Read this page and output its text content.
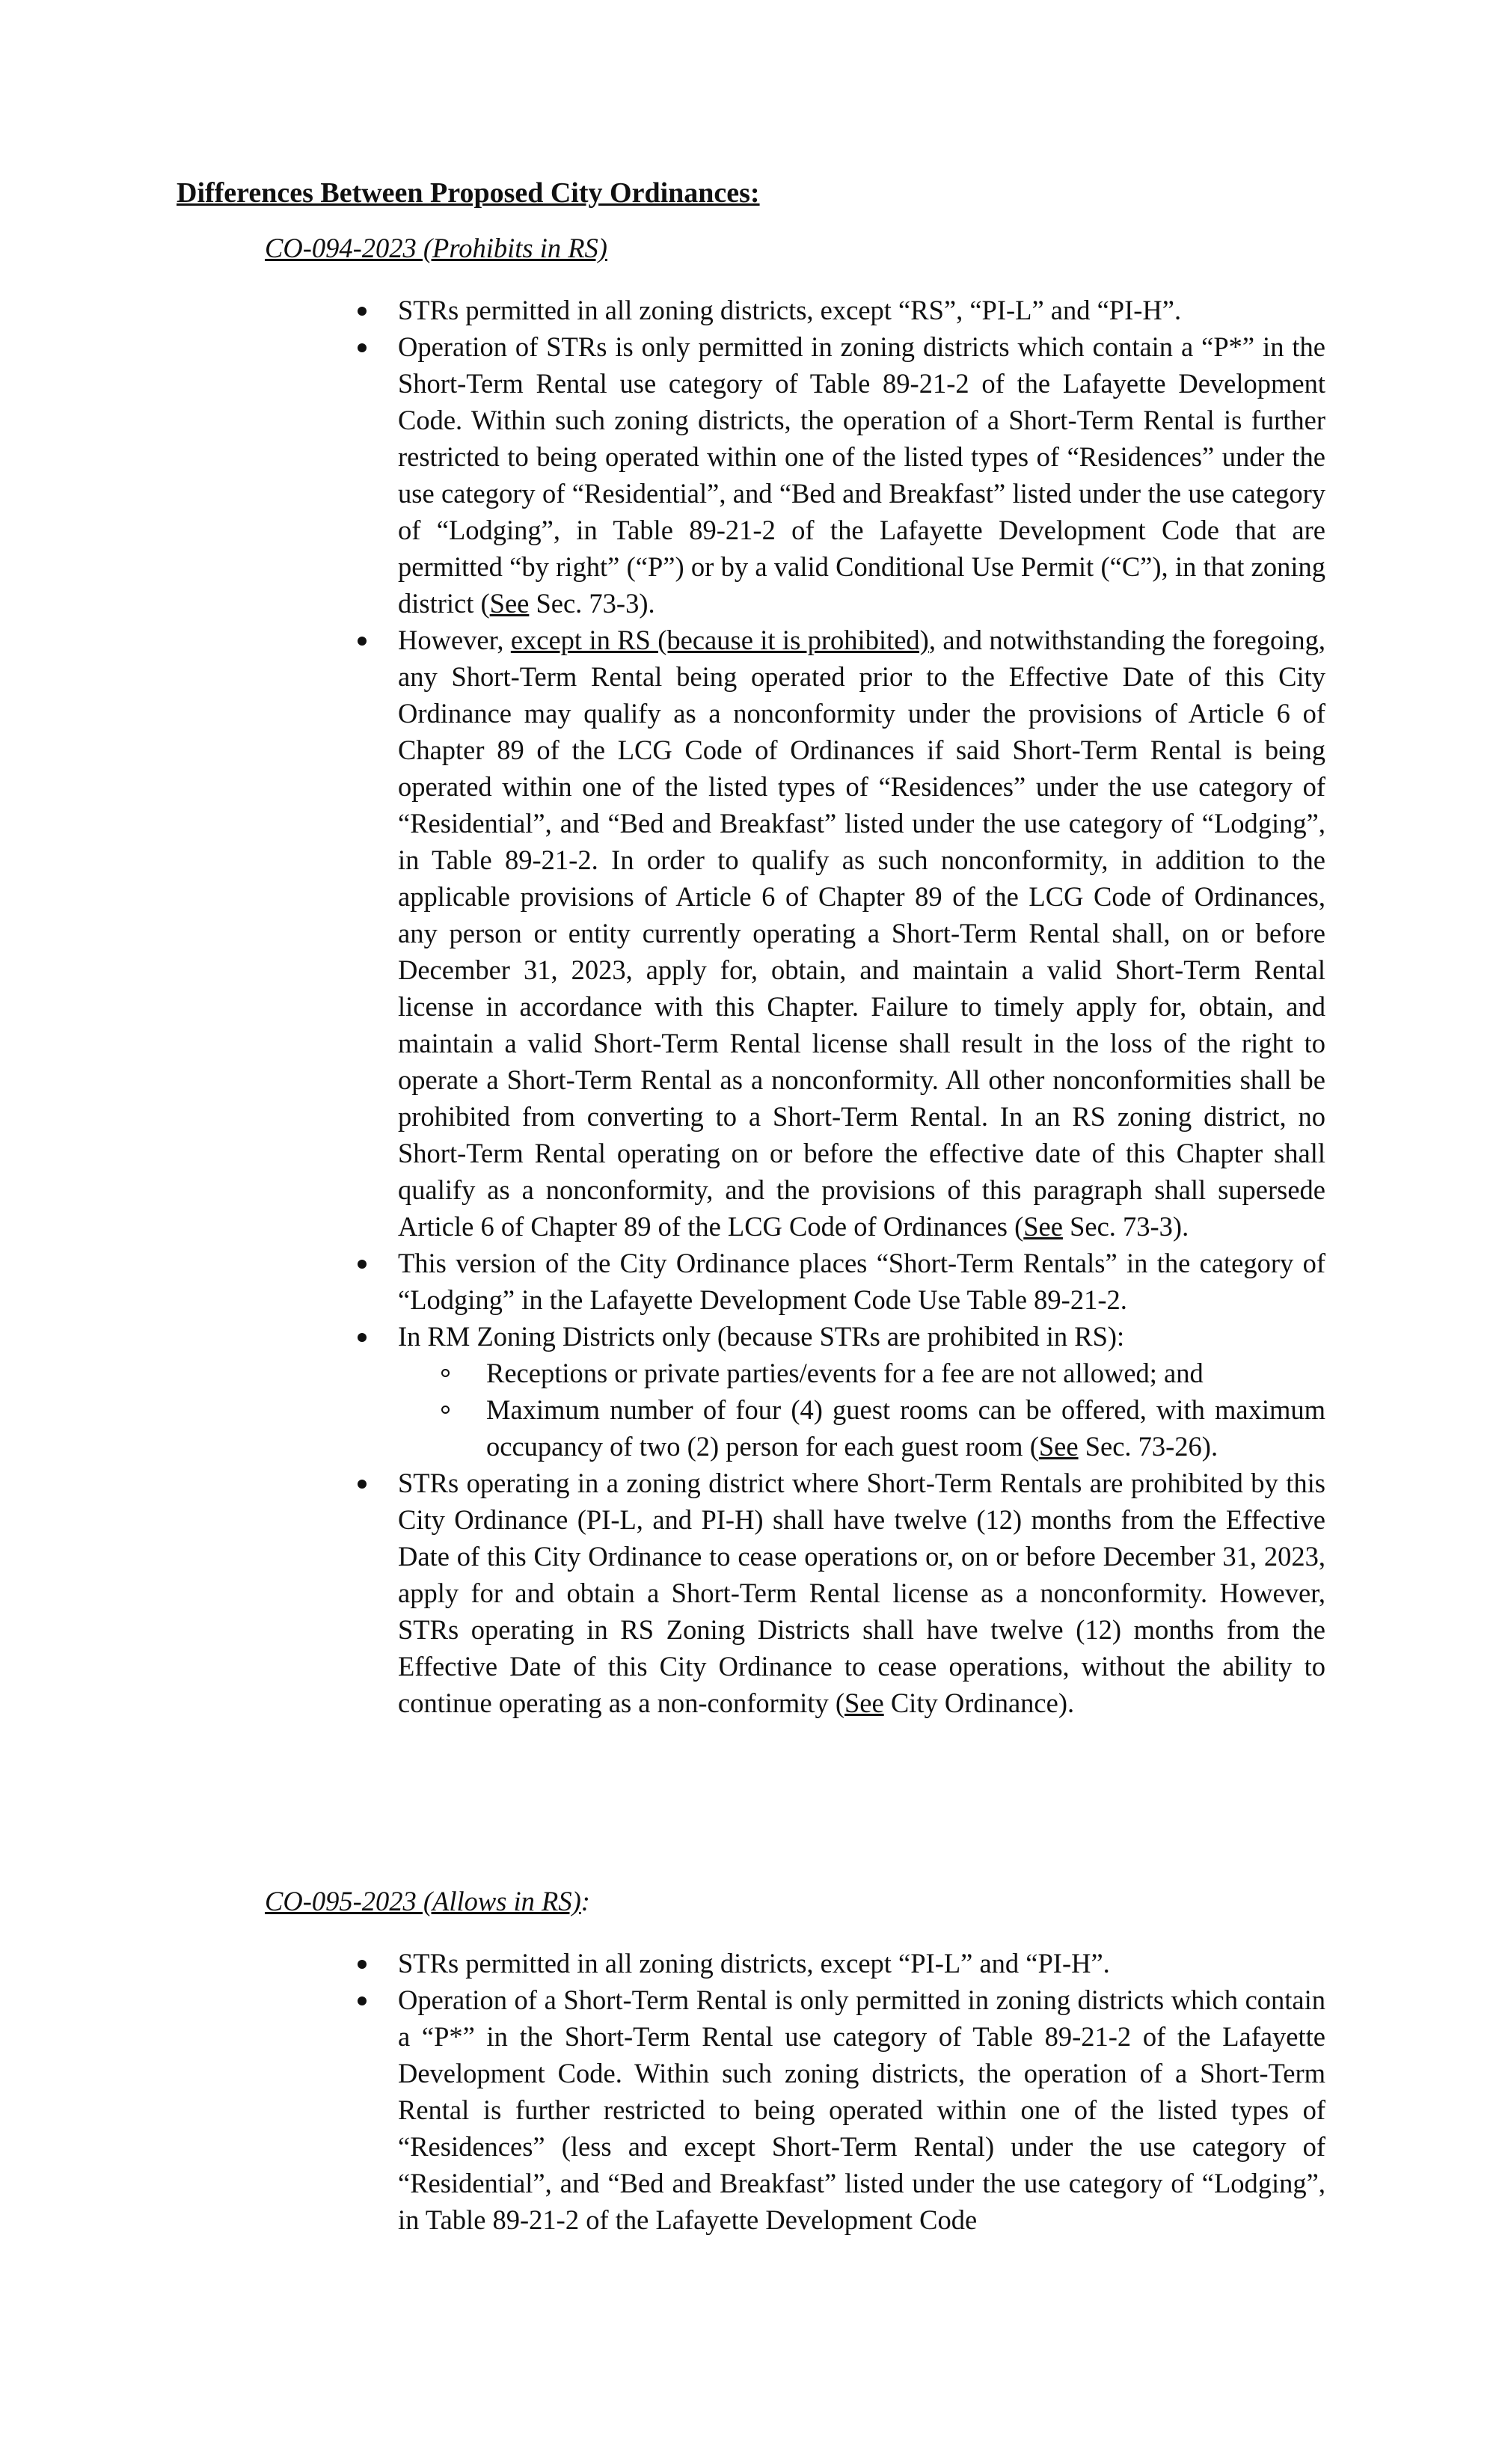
Differences Between Proposed City Ordinances:
CO-094-2023 (Prohibits in RS)
STRs permitted in all zoning districts, except “RS”, “PI-L” and “PI-H”.
Operation of STRs is only permitted in zoning districts which contain a “P*” in the Short-Term Rental use category of Table 89-21-2 of the Lafayette Development Code. Within such zoning districts, the operation of a Short-Term Rental is further restricted to being operated within one of the listed types of “Residences” under the use category of “Residential”, and “Bed and Breakfast” listed under the use category of “Lodging”, in Table 89-21-2 of the Lafayette Development Code that are permitted “by right” (“P”) or by a valid Conditional Use Permit (“C”), in that zoning district (See Sec. 73-3).
However, except in RS (because it is prohibited), and notwithstanding the foregoing, any Short-Term Rental being operated prior to the Effective Date of this City Ordinance may qualify as a nonconformity under the provisions of Article 6 of Chapter 89 of the LCG Code of Ordinances if said Short-Term Rental is being operated within one of the listed types of “Residences” under the use category of “Residential”, and “Bed and Breakfast” listed under the use category of “Lodging”, in Table 89-21-2. In order to qualify as such nonconformity, in addition to the applicable provisions of Article 6 of Chapter 89 of the LCG Code of Ordinances, any person or entity currently operating a Short-Term Rental shall, on or before December 31, 2023, apply for, obtain, and maintain a valid Short-Term Rental license in accordance with this Chapter. Failure to timely apply for, obtain, and maintain a valid Short-Term Rental license shall result in the loss of the right to operate a Short-Term Rental as a nonconformity. All other nonconformities shall be prohibited from converting to a Short-Term Rental. In an RS zoning district, no Short-Term Rental operating on or before the effective date of this Chapter shall qualify as a nonconformity, and the provisions of this paragraph shall supersede Article 6 of Chapter 89 of the LCG Code of Ordinances (See Sec. 73-3).
This version of the City Ordinance places “Short-Term Rentals” in the category of “Lodging” in the Lafayette Development Code Use Table 89-21-2.
In RM Zoning Districts only (because STRs are prohibited in RS):
Receptions or private parties/events for a fee are not allowed; and
Maximum number of four (4) guest rooms can be offered, with maximum occupancy of two (2) person for each guest room (See Sec. 73-26).
STRs operating in a zoning district where Short-Term Rentals are prohibited by this City Ordinance (PI-L, and PI-H) shall have twelve (12) months from the Effective Date of this City Ordinance to cease operations or, on or before December 31, 2023, apply for and obtain a Short-Term Rental license as a nonconformity. However, STRs operating in RS Zoning Districts shall have twelve (12) months from the Effective Date of this City Ordinance to cease operations, without the ability to continue operating as a non-conformity (See City Ordinance).
CO-095-2023 (Allows in RS):
STRs permitted in all zoning districts, except “PI-L” and “PI-H”.
Operation of a Short-Term Rental is only permitted in zoning districts which contain a “P*” in the Short-Term Rental use category of Table 89-21-2 of the Lafayette Development Code. Within such zoning districts, the operation of a Short-Term Rental is further restricted to being operated within one of the listed types of “Residences” (less and except Short-Term Rental) under the use category of “Residential”, and “Bed and Breakfast” listed under the use category of “Lodging”, in Table 89-21-2 of the Lafayette Development Code
